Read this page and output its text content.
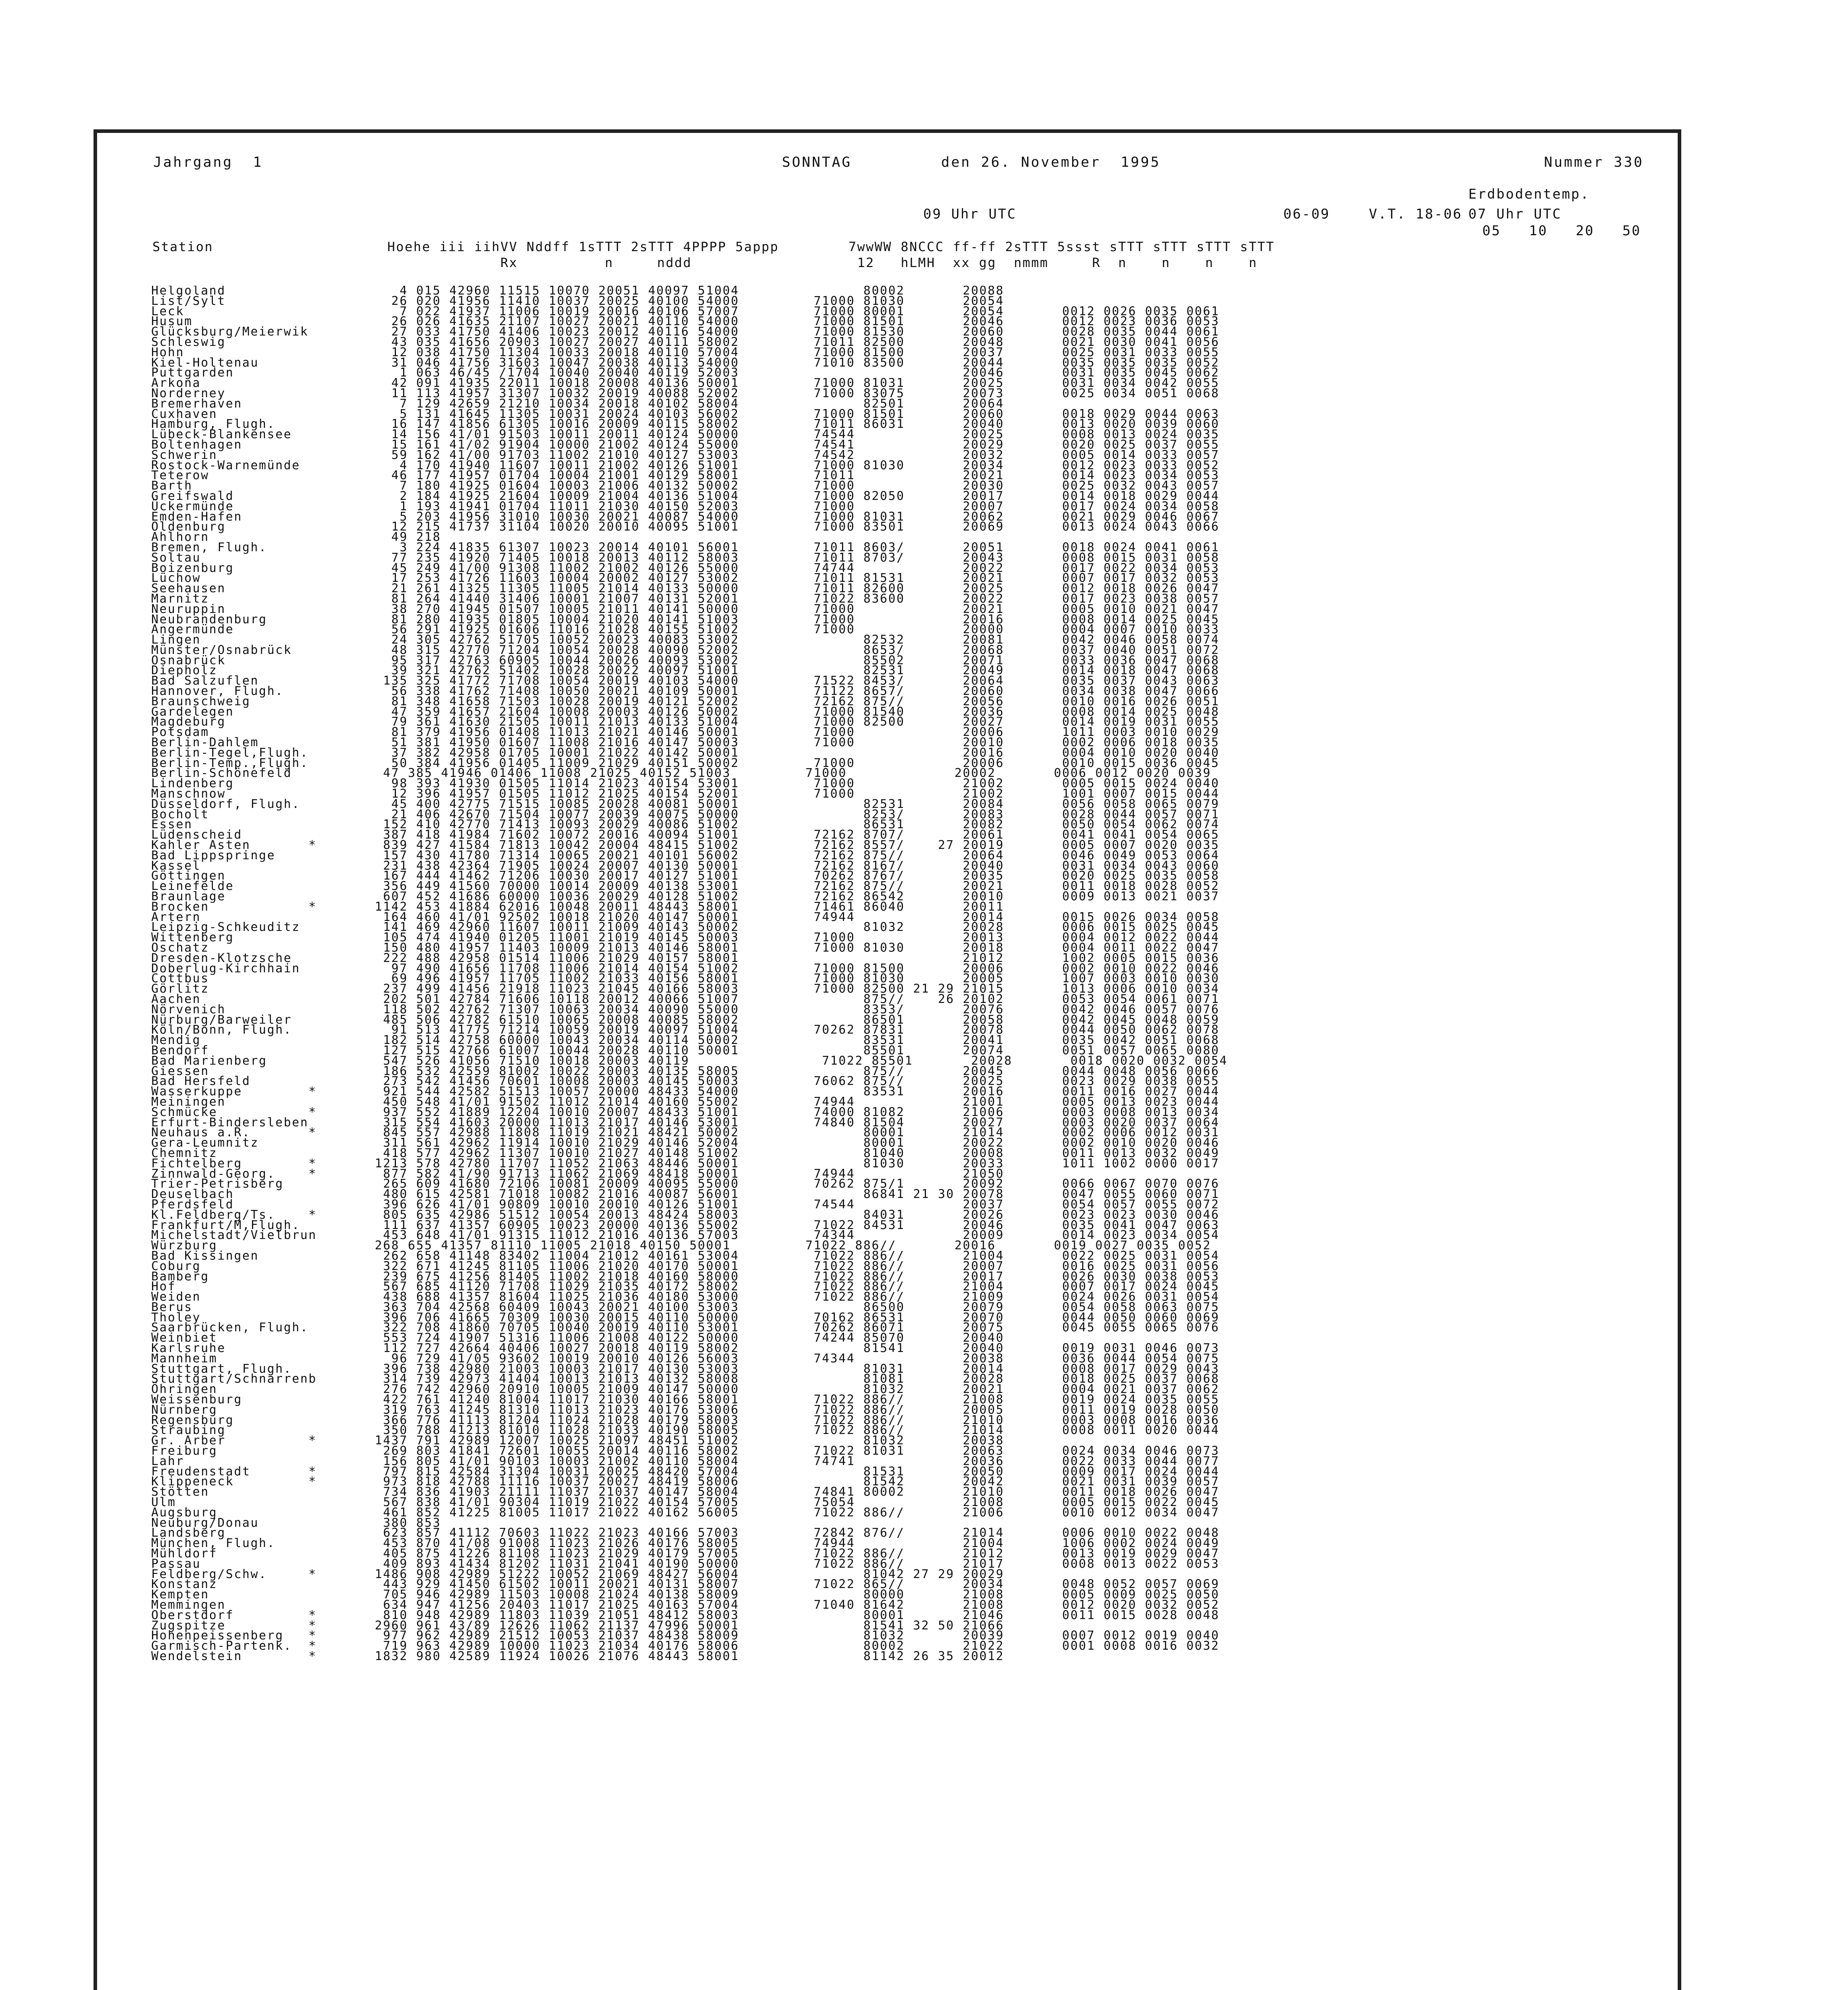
Jahrgang  1	SONNTAG	den 26. November  1995	Nummer 330
Erdbodentemp.
09 Uhr UTC	06-09	V.T. 18-06 07 Uhr UTC
05   10   20   50
Station                    Hoehe iii iihVV Nddff 1sTTT 2sTTT 4PPPP 5appp        7wwWW 8NCCC ff-ff 2sTTT 5ssst sTTT sTTT sTTT sTTT
Rx          n     nddd                   12   hLMH  xx gg  nmmm     R  n    n    n    n
Helgoland                     4 015 42960 11515 10070 20051 40097 51004               80002       20088
List/Sylt                    26 020 41956 11410 10037 20025 40100 54000         71000 81030       20054
Leck                          7 022 41937 11006 10019 20016 40106 57007         71000 80001       20054       0012 0026 0035 0061
Husum                        26 026 41635 21107 10027 20021 40110 54000         71000 81501       20046       0012 0023 0036 0053
Glücksburg/Meierwik          27 033 41750 41406 10023 20012 40116 54000         71000 81530       20060       0028 0035 0044 0061
Schleswig                    43 035 41656 20903 10027 20027 40111 58002         71011 82500       20048       0021 0030 0041 0056
Hohn                         12 038 41750 11304 10033 20018 40110 57004         71000 81500       20037       0025 0031 0033 0055
Kiel-Holtenau                31 046 41756 31603 10047 20038 40113 54000         71010 83500       20044       0035 0035 0035 0052
Puttgarden                    1 063 46/45 /1704 10040 20040 40119 52003                           20046       0031 0035 0045 0062
Arkona                       42 091 41935 22011 10018 20008 40136 50001         71000 81031       20025       0031 0034 0042 0055
Norderney                    11 113 41957 31307 10032 20019 40088 52002         71000 83075       20073       0025 0034 0051 0068
Bremerhaven                   7 129 42659 21210 10034 20018 40102 58004               82501       20064
Cuxhaven                      5 131 41645 11305 10031 20024 40103 56002         71000 81501       20060       0018 0029 0044 0063
Hamburg, Flugh.              16 147 41856 61305 10016 20009 40115 58002         71011 86031       20040       0013 0020 0039 0060
Lübeck-Blankensee            14 156 41/01 91503 10011 20011 40124 50000         74544             20025       0008 0013 0024 0035
Boltenhagen                  15 161 41/02 91904 10000 21002 40124 55000         74541             20029       0020 0025 0037 0055
Schwerin                     59 162 41/00 91703 11002 21010 40127 53003         74542             20032       0005 0014 0033 0057
Rostock-Warnemünde            4 170 41940 11607 10011 21002 40126 51001         71000 81030       20034       0012 0023 0033 0052
Teterow                      46 177 41957 01704 10004 21001 40129 58001         71011             20021       0014 0023 0034 0053
Barth                         7 180 41925 01604 10003 21006 40132 50002         71000             20030       0025 0032 0043 0057
Greifswald                    2 184 41925 21604 10009 21004 40136 51004         71000 82050       20017       0014 0018 0029 0044
Ückermünde                    1 193 41941 01704 11011 21030 40150 52003         71000             20007       0017 0024 0034 0058
Emden-Hafen                   5 203 41956 31010 10030 20021 40087 54000         71000 81031       20062       0021 0029 0046 0067
Oldenburg                    12 215 41737 31104 10020 20010 40095 51001         71000 83501       20069       0013 0024 0043 0066
Ahlhorn                      49 218
Bremen, Flugh.                3 224 41835 61307 10023 20014 40101 56001         71011 8603/       20051       0018 0024 0041 0061
Soltau                       77 235 41920 71405 10018 20013 40112 58003         71011 8703/       20043       0008 0015 0031 0058
Boizenburg                   45 249 41/00 91308 11002 21002 40126 55000         74744             20022       0017 0022 0034 0053
Lüchow                       17 253 41726 11603 10004 20002 40127 53002         71011 81531       20021       0007 0017 0032 0053
Seehausen                    21 261 41325 11305 11005 21014 40133 50000         71011 82600       20025       0012 0018 0026 0047
Marnitz                      81 264 41440 31406 10001 21007 40131 52001         71022 83600       20022       0017 0023 0038 0057
Neuruppin                    38 270 41945 01507 10005 21011 40141 50000         71000             20021       0005 0010 0021 0047
Neubrandenburg               81 280 41935 01805 10004 21020 40141 51003         71000             20016       0008 0014 0025 0045
Angermünde                   56 291 41925 01606 11016 21028 40155 51002         71000             20000       0004 0007 0010 0033
Lingen                       24 305 42762 51705 10052 20023 40083 53002               82532       20081       0042 0046 0058 0074
Münster/Osnabrück            48 315 42770 71204 10054 20028 40090 52002               8653/       20068       0037 0040 0051 0072
Osnabrück                    95 317 42763 60905 10044 20026 40093 53002               85502       20071       0033 0036 0047 0068
Diepholz                     39 321 42762 51402 10028 20022 40097 51001               82531       20049       0014 0018 0047 0068
Bad Salzuflen               135 325 41772 71708 10054 20019 40103 54000         71522 8453/       20064       0035 0037 0043 0063
Hannover, Flugh.             56 338 41762 71408 10050 20021 40109 50001         71122 8657/       20060       0034 0038 0047 0066
Braunschweig                 81 348 41658 71503 10028 20019 40121 52002         72162 875//       20056       0010 0016 0026 0051
Gardelegen                   47 359 41657 21604 10008 20003 40126 50002         71000 81540       20036       0008 0014 0025 0048
Magdeburg                    79 361 41630 21505 10011 21013 40133 51004         71000 82500       20027       0014 0019 0031 0055
Potsdam                      81 379 41956 01408 11013 21021 40146 50001         71000             20006       1011 0003 0010 0029
Berlin-Dahlem                51 381 41950 01607 11008 21016 40147 50003         71000             20010       0002 0006 0018 0035
Berlin-Tegel,Flugh.          37 382 42958 01705 10001 21022 40142 50001                           20016       0004 0010 0020 0040
Berlin-Temp.,Flugh.          50 384 41956 01405 11009 21029 40151 50002         71000             20006       0010 0015 0036 0045
Berlin-Schönefeld           47 385 41946 01406 11008 21025 40152 51003         71000             20002       0006 0012 0020 0039
Lindenberg                   98 393 41930 01505 11014 21023 40154 53001         71000             21002       0005 0015 0024 0040
Manschnow                    12 396 41957 01505 11012 21025 40154 52001         71000             21002       1001 0007 0015 0044
Düsseldorf, Flugh.           45 400 42775 71515 10085 20028 40081 50001               82531       20084       0056 0058 0065 0079
Bocholt                      21 406 42670 71504 10077 20039 40075 50000               8253/       20083       0028 0044 0057 0071
Essen                       152 410 42770 71413 10093 20029 40086 51002               86531       20082       0050 0054 0062 0074
Lüdenscheid                 387 418 41984 71602 10072 20016 40094 51001         72162 8707/       20061       0041 0041 0054 0065
Kahler Asten       *        839 427 41584 71813 10042 20004 48415 51002         72162 8557/    27 20019       0005 0007 0020 0035
Bad Lippspringe             157 430 41780 71314 10065 20021 40101 56002         72162 875//       20064       0046 0049 0053 0064
Kassel                      231 438 42364 71905 10024 20007 40130 50001         72162 8167/       20040       0031 0034 0043 0060
Göttingen                   167 444 41462 71206 10030 20017 40127 51001         70262 8767/       20035       0020 0025 0035 0058
Leinefelde                  356 449 41560 70000 10014 20009 40138 53001         72162 875//       20021       0011 0018 0028 0052
Braunlage                   607 452 41686 60000 10036 20029 40128 51002         72162 86542       20010       0009 0013 0021 0037
Brocken            *       1142 453 41884 62016 10048 20011 48443 58001         71461 86040       20011
Artern                      164 460 41/01 92502 10018 21020 40147 50001         74944             20014       0015 0026 0034 0058
Leipzig-Schkeuditz          141 469 42960 11607 10011 21009 40143 50002               81032       20028       0006 0015 0025 0045
Wittenberg                  105 474 41940 01205 11001 21019 40145 50003         71000             20013       0004 0012 0022 0044
Oschatz                     150 480 41957 11403 10009 21013 40146 58001         71000 81030       20018       0004 0011 0022 0047
Dresden-Klotzsche           222 488 42958 01514 11006 21029 40157 58001                           21012       1002 0005 0015 0036
Doberlug-Kirchhain           97 490 41656 11708 11006 21014 40154 51002         71000 81500       20006       0002 0010 0022 0046
Cottbus                      69 496 41957 11705 11002 21033 40156 58001         71000 81030       20005       1007 0003 0010 0030
Görlitz                     237 499 41456 21918 11023 21045 40166 58003         71000 82500 21 29 21015       1013 0006 0010 0034
Aachen                      202 501 42784 71606 10118 20012 40066 51007               875//    26 20102       0053 0054 0061 0071
Nörvenich                   118 502 42762 71307 10063 20034 40090 55000               8353/       20076       0042 0046 0057 0076
Nürburg/Barweiler           485 506 42782 61510 10065 20008 40085 58002               86501       20058       0042 0045 0048 0059
Köln/Bonn, Flugh.            91 513 41775 71214 10059 20019 40097 51004         70262 87831       20078       0044 0050 0062 0078
Mendig                      182 514 42758 60000 10043 20034 40114 50002               83531       20041       0035 0042 0051 0068
Bendorf                     127 515 42766 61007 10044 20028 40110 50001               85501       20074       0051 0057 0065 0080
Bad Marienberg              547 526 41056 71510 10018 20003 40119                71022 85501       20028       0018 0020 0032 0054
Giessen                     186 532 42559 81002 10022 20003 40135 58005               875//       20045       0044 0048 0056 0066
Bad Hersfeld                273 542 41456 70601 10008 20003 40145 50003         76062 875//       20025       0023 0029 0038 0055
Wasserkuppe        *        921 544 42582 51513 10057 20000 48433 54000               83531       20016       0011 0016 0027 0044
Meiningen                   450 548 41/01 91502 11012 21014 40160 55002         74944             21001       0005 0013 0023 0044
Schmücke           *        937 552 41889 12204 10010 20007 48433 51001         74000 81082       21006       0003 0008 0013 0034
Erfurt-Bindersleben         315 554 41603 20000 11013 21017 40146 53001         74840 81504       20027       0003 0020 0037 0064
Neuhaus a.R.       *        845 557 42988 11808 11019 21021 48421 50002               80001       21014       0002 0006 0012 0031
Gera-Leumnitz               311 561 42962 11914 10010 21029 40146 52004               80001       20022       0002 0010 0020 0046
Chemnitz                    418 577 42962 11307 10010 21027 40148 51002               81040       20008       0011 0013 0032 0049
Fichtelberg        *       1213 578 42780 11707 11052 21063 48446 50001               81030       20033       1011 1002 0000 0017
Zinnwald-Georg.    *        877 582 41/90 91713 11062 21069 48418 50001         74944             21050
Trier-Petrisberg            265 609 41680 72106 10081 20009 40095 55000         70262 875/1       20092       0066 0067 0070 0076
Deuselbach                  480 615 42581 71018 10082 21016 40087 56001               86841 21 30 20078       0047 0055 0060 0071
Pferdsfeld                  396 626 41/01 90809 10010 20010 40126 51001         74544             20037       0054 0057 0055 0072
Kl.Feldberg/Ts.    *        805 635 42986 51512 10054 20013 48424 58003               84031       20026       0023 0023 0030 0046
Frankfurt/M,Flugh.          111 637 41357 60905 10023 20000 40136 55002         71022 84531       20046       0035 0041 0047 0063
Michelstadt/Vielbrun        453 648 41/01 91315 11012 21016 40136 57003         74344             20009       0014 0023 0034 0054
Würzburg                   268 655 41357 81110 11005 21018 40150 50001         71022 886//       20016       0019 0027 0035 0052
Bad Kissingen               262 658 41148 83402 11004 21012 40161 53004         71022 886//       21004       0022 0025 0031 0054
Coburg                      322 671 41245 81105 11006 21020 40170 50001         71022 886//       20007       0016 0025 0031 0056
Bamberg                     239 675 41256 81405 11002 21018 40160 58000         71022 886//       20017       0026 0030 0038 0053
Hof                         567 685 41120 71708 11029 21035 40172 58002         71022 886//       21004       0007 0017 0024 0045
Weiden                      438 688 41357 81604 11025 21036 40180 53000         71022 886//       21009       0024 0026 0031 0054
Berus                       363 704 42568 60409 10043 20021 40100 53003               86500       20079       0054 0058 0063 0075
Tholey                      396 706 41665 70309 10030 20015 40110 50000         70162 86531       20070       0044 0050 0060 0069
Saarbrücken, Flugh.         322 708 41860 70705 10040 20019 40110 53001         70262 86071       20075       0045 0055 0065 0076
Weinbiet                    553 724 41907 51316 11006 21008 40122 50000         74244 85070       20040
Karlsruhe                   112 727 42664 40406 10027 20018 40119 58002               81541       20040       0019 0031 0046 0073
Mannheim                     96 729 41/05 93602 10019 20010 40126 56003         74344             20038       0036 0044 0054 0075
Stuttgart, Flugh.           396 738 42980 21003 10003 21017 40130 53003               81031       20014       0008 0017 0029 0043
Stuttgart/Schnarrenb        314 739 42973 41404 10013 21013 40132 58008               81081       20028       0018 0025 0037 0068
Öhringen                    276 742 42960 20910 10005 21009 40147 50000               81032       20021       0004 0021 0037 0062
Weissenburg                 422 761 41240 81004 11017 21030 40166 58001         71022 886//       21008       0019 0024 0035 0055
Nürnberg                    319 763 41245 81310 11013 21023 40176 53006         71022 886//       20005       0011 0019 0028 0050
Regensburg                  366 776 41113 81204 11024 21028 40179 58003         71022 886//       21010       0003 0008 0016 0036
Straubing                   350 788 41213 81010 11028 21033 40190 58005         71022 886//       21014       0008 0011 0020 0044
Gr. Arber          *       1437 791 42989 12007 10025 21097 48451 51002               81032       20038
Freiburg                    269 803 41841 72601 10055 20014 40116 58002         71022 81031       20063       0024 0034 0046 0073
Lahr                        156 805 41/01 90103 10003 21002 40110 58004         74741             20036       0022 0033 0044 0077
Freudenstadt       *        797 815 42584 31304 10031 20025 48420 57004               81531       20050       0009 0017 0024 0044
Klippeneck         *        973 818 42788 11116 10037 20027 48419 58006               81542       20042       0021 0031 0039 0057
Stötten                     734 836 41903 21111 11037 21037 40147 58004         74841 80002       21010       0011 0018 0026 0047
Ulm                         567 838 41/01 90304 11019 21022 40154 57005         75054             21008       0005 0015 0022 0045
Augsburg                    461 852 41225 81005 11017 21022 40162 56005         71022 886//       21006       0010 0012 0034 0047
Neuburg/Donau               380 853
Landsberg                   623 857 41112 70603 11022 21023 40166 57003         72842 876//       21014       0006 0010 0022 0048
München, Flugh.             453 870 41/08 91008 11023 21026 40176 58005         74944             21004       1006 0002 0024 0049
Mühldorf                    405 875 41226 81108 11023 21029 40179 57005         71022 886//       21012       0013 0019 0029 0047
Passau                      409 893 41434 81202 11031 21041 40190 50000         71022 886//       21017       0008 0013 0022 0053
Feldberg/Schw.     *       1486 908 42989 51222 10052 21069 48427 56004               81042 27 29 20029
Konstanz                    443 929 41450 61502 10011 20021 40131 58007         71022 865//       20034       0048 0052 0057 0069
Kempten                     705 946 42989 11503 10008 21024 40138 58009               80000       21008       0005 0009 0025 0050
Memmingen                   634 947 41256 20403 11017 21025 40163 57004         71040 81642       21008       0012 0020 0032 0052
Oberstdorf         *        810 948 42989 11803 11039 21051 48412 58003               80001       21046       0011 0015 0028 0048
Zugspitze          *       2960 961 43/89 12626 11062 21137 47996 50001               81541 32 50 21066
Hohenpeissenberg   *        977 962 42989 21512 10053 21037 48438 58009               81032       20039       0007 0012 0019 0040
Garmisch-Partenk.  *        719 963 42989 10000 11023 21034 40176 58006               80002       21022       0001 0008 0016 0032
Wendelstein        *       1832 980 42589 11924 10026 21076 48443 58001               81142 26 35 20012
